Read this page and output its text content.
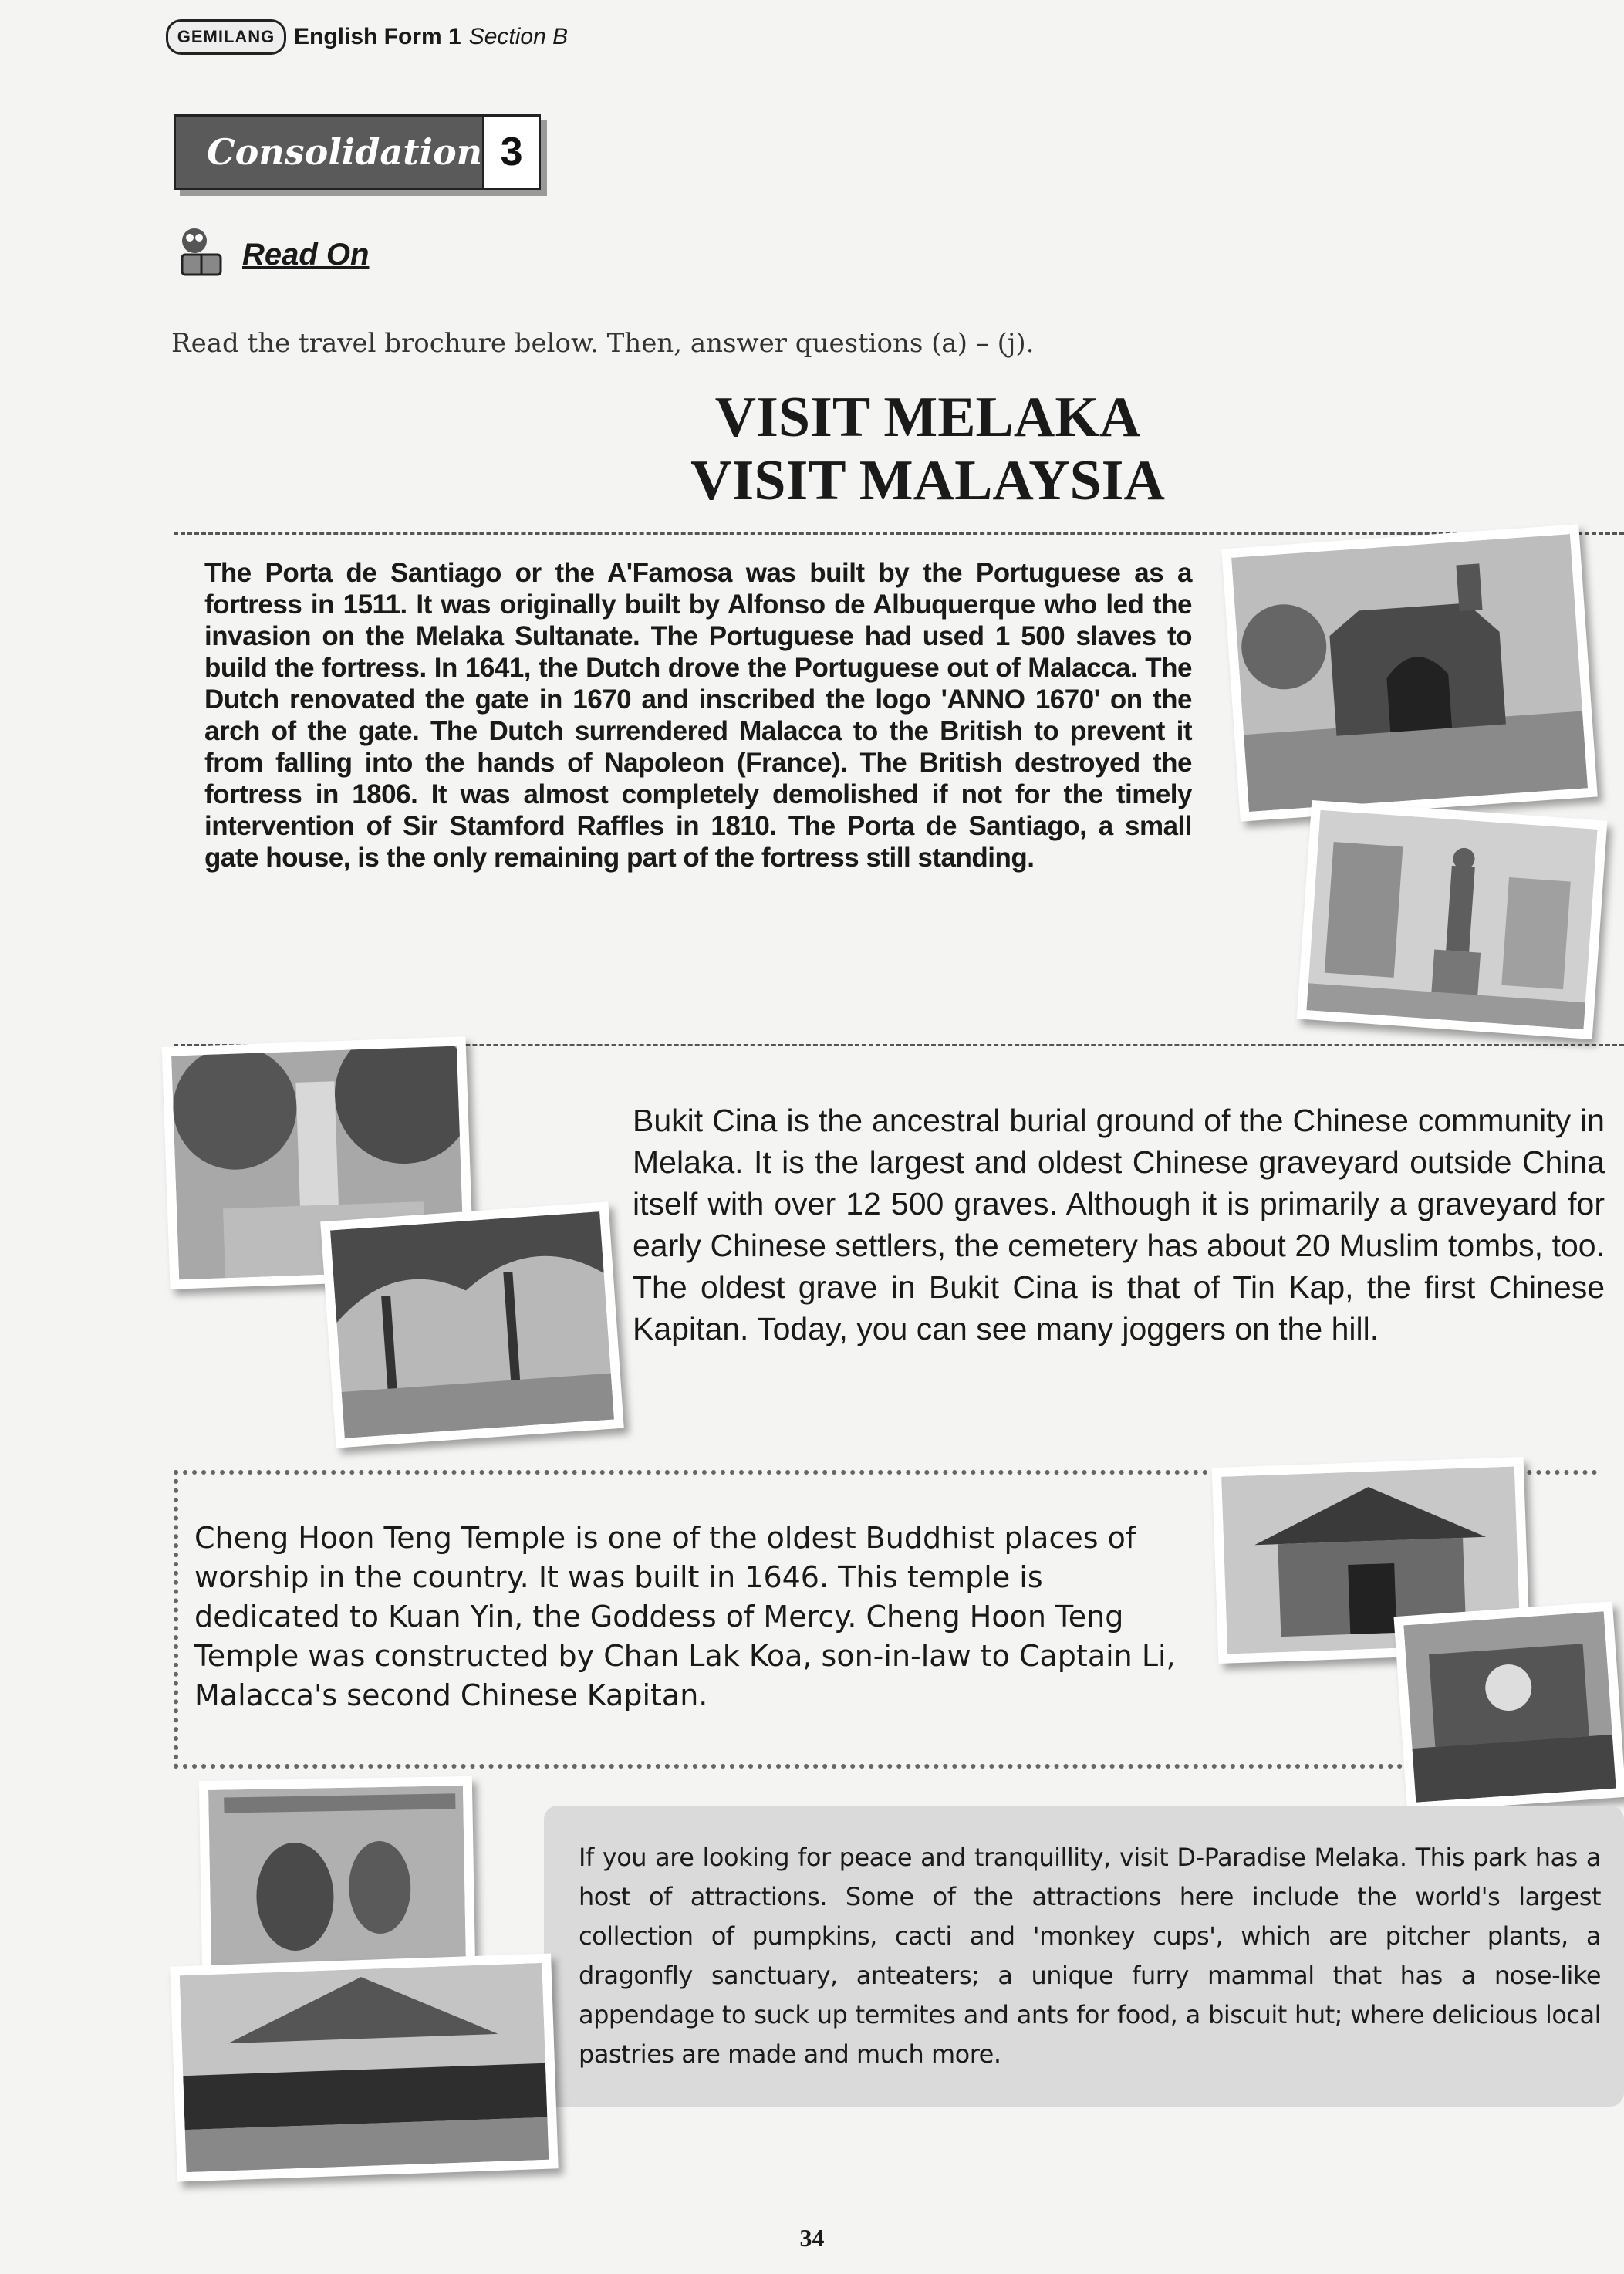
GEMILANG English Form 1 Section B
Consolidation 3
Read On
Read the travel brochure below. Then, answer questions (a) – (j).
VISIT MELAKA
VISIT MALAYSIA
The Porta de Santiago or the A'Famosa was built by the Portuguese as a fortress in 1511. It was originally built by Alfonso de Albuquerque who led the invasion on the Melaka Sultanate. The Portuguese had used 1 500 slaves to build the fortress. In 1641, the Dutch drove the Portuguese out of Malacca. The Dutch renovated the gate in 1670 and inscribed the logo 'ANNO 1670' on the arch of the gate. The Dutch surrendered Malacca to the British to prevent it from falling into the hands of Napoleon (France). The British destroyed the fortress in 1806. It was almost completely demolished if not for the timely intervention of Sir Stamford Raffles in 1810. The Porta de Santiago, a small gate house, is the only remaining part of the fortress still standing.
Bukit Cina is the ancestral burial ground of the Chinese community in Melaka. It is the largest and oldest Chinese graveyard outside China itself with over 12 500 graves. Although it is primarily a graveyard for early Chinese settlers, the cemetery has about 20 Muslim tombs, too. The oldest grave in Bukit Cina is that of Tin Kap, the first Chinese Kapitan. Today, you can see many joggers on the hill.
Cheng Hoon Teng Temple is one of the oldest Buddhist places of worship in the country. It was built in 1646. This temple is dedicated to Kuan Yin, the Goddess of Mercy. Cheng Hoon Teng Temple was constructed by Chan Lak Koa, son-in-law to Captain Li, Malacca's second Chinese Kapitan.
If you are looking for peace and tranquillity, visit D-Paradise Melaka. This park has a host of attractions. Some of the attractions here include the world's largest collection of pumpkins, cacti and 'monkey cups', which are pitcher plants, a dragonfly sanctuary, anteaters; a unique furry mammal that has a nose-like appendage to suck up termites and ants for food, a biscuit hut; where delicious local pastries are made and much more.
34
